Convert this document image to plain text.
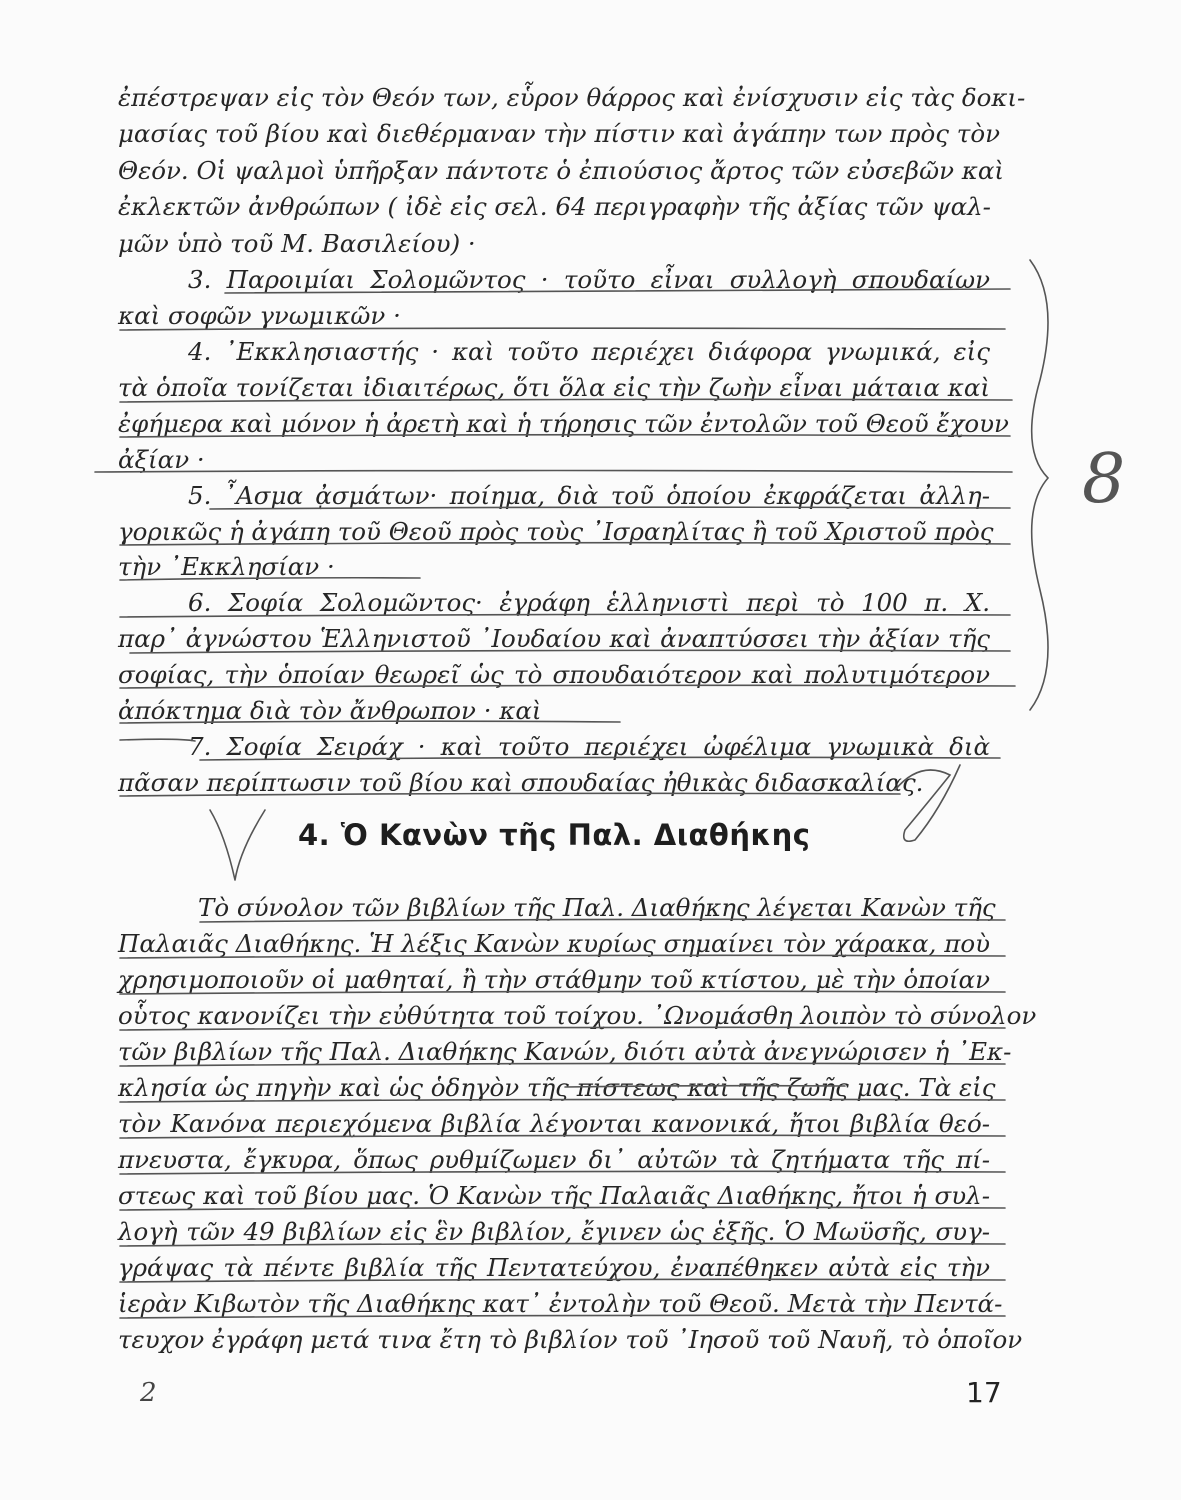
ἐπέστρεψαν εἰς τὸν Θεόν των, εὗρον θάρρος καὶ ἐνίσχυσιν εἰς τὰς δοκι-
μασίας τοῦ βίου καὶ διεθέρμαναν τὴν πίστιν καὶ ἀγάπην των πρὸς τὸν
Θεόν. Οἱ ψαλμοὶ ὑπῆρξαν πάντοτε ὁ ἐπιούσιος ἄρτος τῶν εὐσεβῶν καὶ
ἐκλεκτῶν ἀνθρώπων ( ἰδὲ εἰς σελ. 64 περιγραφὴν τῆς ἀξίας τῶν ψαλ-
μῶν ὑπὸ τοῦ Μ. Βασιλείου) ·
3. Παροιμίαι Σολομῶντος · τοῦτο εἶναι συλλογὴ σπουδαίων
καὶ σοφῶν γνωμικῶν ·
4. ᾿Εκκλησιαστής · καὶ τοῦτο περιέχει διάφορα γνωμικά, εἰς
τὰ ὁποῖα τονίζεται ἰδιαιτέρως, ὅτι ὅλα εἰς τὴν ζωὴν εἶναι μάταια καὶ
ἐφήμερα καὶ μόνον ἡ ἀρετὴ καὶ ἡ τήρησις τῶν ἐντολῶν τοῦ Θεοῦ ἔχουν
ἀξίαν ·
5. ῏Ασμα ᾀσμάτων· ποίημα, διὰ τοῦ ὁποίου ἐκφράζεται ἀλλη-
γορικῶς ἡ ἀγάπη τοῦ Θεοῦ πρὸς τοὺς ᾿Ισραηλίτας ἢ τοῦ Χριστοῦ πρὸς
τὴν ᾿Εκκλησίαν ·
6. Σοφία Σολομῶντος· ἐγράφη ἑλληνιστὶ περὶ τὸ 100 π. Χ.
παρ᾿ ἀγνώστου Ἑλληνιστοῦ ᾿Ιουδαίου καὶ ἀναπτύσσει τὴν ἀξίαν τῆς
σοφίας, τὴν ὁποίαν θεωρεῖ ὡς τὸ σπουδαιότερον καὶ πολυτιμότερον
ἀπόκτημα διὰ τὸν ἄνθρωπον · καὶ
7. Σοφία Σειράχ · καὶ τοῦτο περιέχει ὠφέλιμα γνωμικὰ διὰ
πᾶσαν περίπτωσιν τοῦ βίου καὶ σπουδαίας ἠθικὰς διδασκαλίας.
4. Ὁ Κανὼν τῆς Παλ. Διαθήκης
Τὸ σύνολον τῶν βιβλίων τῆς Παλ. Διαθήκης λέγεται Κανὼν τῆς
Παλαιᾶς Διαθήκης. Ἡ λέξις Κανὼν κυρίως σημαίνει τὸν χάρακα, ποὺ
χρησιμοποιοῦν οἱ μαθηταί, ἢ τὴν στάθμην τοῦ κτίστου, μὲ τὴν ὁποίαν
οὗτος κανονίζει τὴν εὐθύτητα τοῦ τοίχου. ᾿Ωνομάσθη λοιπὸν τὸ σύνολον
τῶν βιβλίων τῆς Παλ. Διαθήκης Κανών, διότι αὐτὰ ἀνεγνώρισεν ἡ ᾿Εκ-
κλησία ὡς πηγὴν καὶ ὡς ὁδηγὸν τῆς πίστεως καὶ τῆς ζωῆς μας. Τὰ εἰς
τὸν Κανόνα περιεχόμενα βιβλία λέγονται κανονικά, ἤτοι βιβλία θεό-
πνευστα, ἔγκυρα, ὅπως ρυθμίζωμεν δι᾿ αὐτῶν τὰ ζητήματα τῆς πί-
στεως καὶ τοῦ βίου μας. Ὁ Κανὼν τῆς Παλαιᾶς Διαθήκης, ἤτοι ἡ συλ-
λογὴ τῶν 49 βιβλίων εἰς ἓν βιβλίον, ἔγινεν ὡς ἑξῆς. Ὁ Μωϋσῆς, συγ-
γράψας τὰ πέντε βιβλία τῆς Πεντατεύχου, ἐναπέθηκεν αὐτὰ εἰς τὴν
ἱερὰν Κιβωτὸν τῆς Διαθήκης κατ᾿ ἐντολὴν τοῦ Θεοῦ. Μετὰ τὴν Πεντά-
τευχον ἐγράφη μετά τινα ἔτη τὸ βιβλίον τοῦ ᾿Ιησοῦ τοῦ Ναυῆ, τὸ ὁποῖον
2	17
8
